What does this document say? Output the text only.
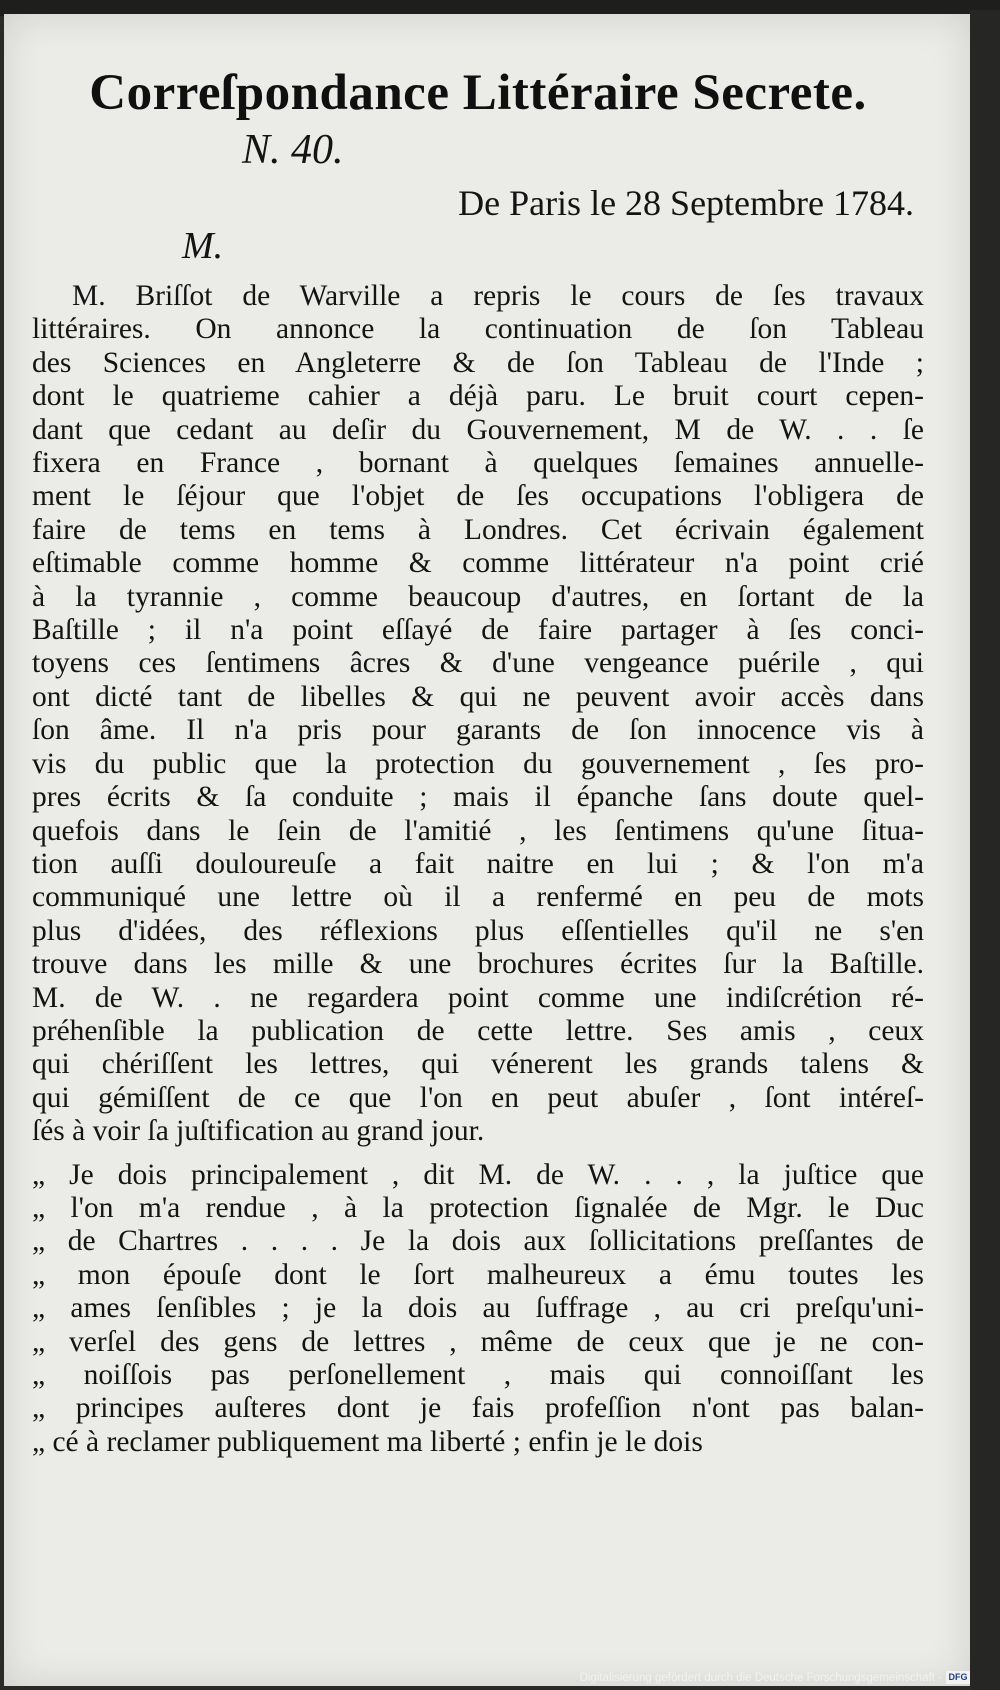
Correſpondance Littéraire Secrete.
N. 40.
De Paris le 28 Septembre 1784.
M.
M. Briſſot de Warville a repris le cours de ſes travaux
littéraires. On annonce la continuation de ſon Tableau
des Sciences en Angleterre & de ſon Tableau de l'Inde ;
dont le quatrieme cahier a déjà paru. Le bruit court cepen-
dant que cedant au deſir du Gouvernement, M de W. . . ſe
fixera en France , bornant à quelques ſemaines annuelle-
ment le ſéjour que l'objet de ſes occupations l'obligera de
faire de tems en tems à Londres. Cet écrivain également
eſtimable comme homme & comme littérateur n'a point crié
à la tyrannie , comme beaucoup d'autres, en ſortant de la
Baſtille ; il n'a point eſſayé de faire partager à ſes conci-
toyens ces ſentimens âcres & d'une vengeance puérile , qui
ont dicté tant de libelles & qui ne peuvent avoir accès dans
ſon âme. Il n'a pris pour garants de ſon innocence vis à
vis du public que la protection du gouvernement , ſes pro-
pres écrits & ſa conduite ; mais il épanche ſans doute quel-
quefois dans le ſein de l'amitié , les ſentimens qu'une ſitua-
tion auſſi douloureuſe a fait naitre en lui ; & l'on m'a
communiqué une lettre où il a renfermé en peu de mots
plus d'idées, des réflexions plus eſſentielles qu'il ne s'en
trouve dans les mille & une brochures écrites ſur la Baſtille.
M. de W. . ne regardera point comme une indiſcrétion ré-
préhenſible la publication de cette lettre. Ses amis , ceux
qui chériſſent les lettres, qui vénerent les grands talens &
qui gémiſſent de ce que l'on en peut abuſer , ſont intéreſ-
ſés à voir ſa juſtification au grand jour.
„ Je dois principalement , dit M. de W. . . , la juſtice que
„ l'on m'a rendue , à la protection ſignalée de Mgr. le Duc
„ de Chartres . . . . Je la dois aux ſollicitations preſſantes de
„ mon épouſe dont le ſort malheureux a ému toutes les
„ ames ſenſibles ; je la dois au ſuffrage , au cri preſqu'uni-
„ verſel des gens de lettres , même de ceux que je ne con-
„ noiſſois pas perſonellement , mais qui connoiſſant les
„ principes auſteres dont je fais profeſſion n'ont pas balan-
„ cé à reclamer publiquement ma liberté ; enfin je le dois
Digitalisierung gefördert durch die Deutsche Forschungsgemeinschaft - DFG
